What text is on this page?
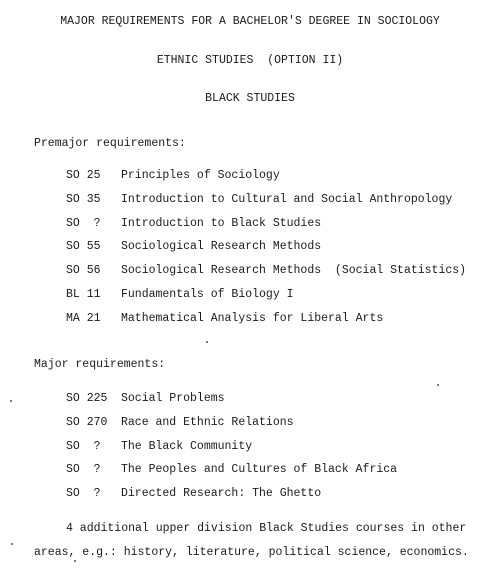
MAJOR REQUIREMENTS FOR A BACHELOR'S DEGREE IN SOCIOLOGY
ETHNIC STUDIES  (OPTION II)
BLACK STUDIES
Premajor requirements:
SO 25 Principles of Sociology
SO 35 Introduction to Cultural and Social Anthropology
SO  ? Introduction to Black Studies
SO 55 Sociological Research Methods
SO 56 Sociological Research Methods  (Social Statistics)
BL 11 Fundamentals of Biology I
MA 21 Mathematical Analysis for Liberal Arts
Major requirements:
SO 225 Social Problems
SO 270 Race and Ethnic Relations
SO  ? The Black Community
SO  ? The Peoples and Cultures of Black Africa
SO  ? Directed Research: The Ghetto
4 additional upper division Black Studies courses in other
areas, e.g.: history, literature, political science, economics.
